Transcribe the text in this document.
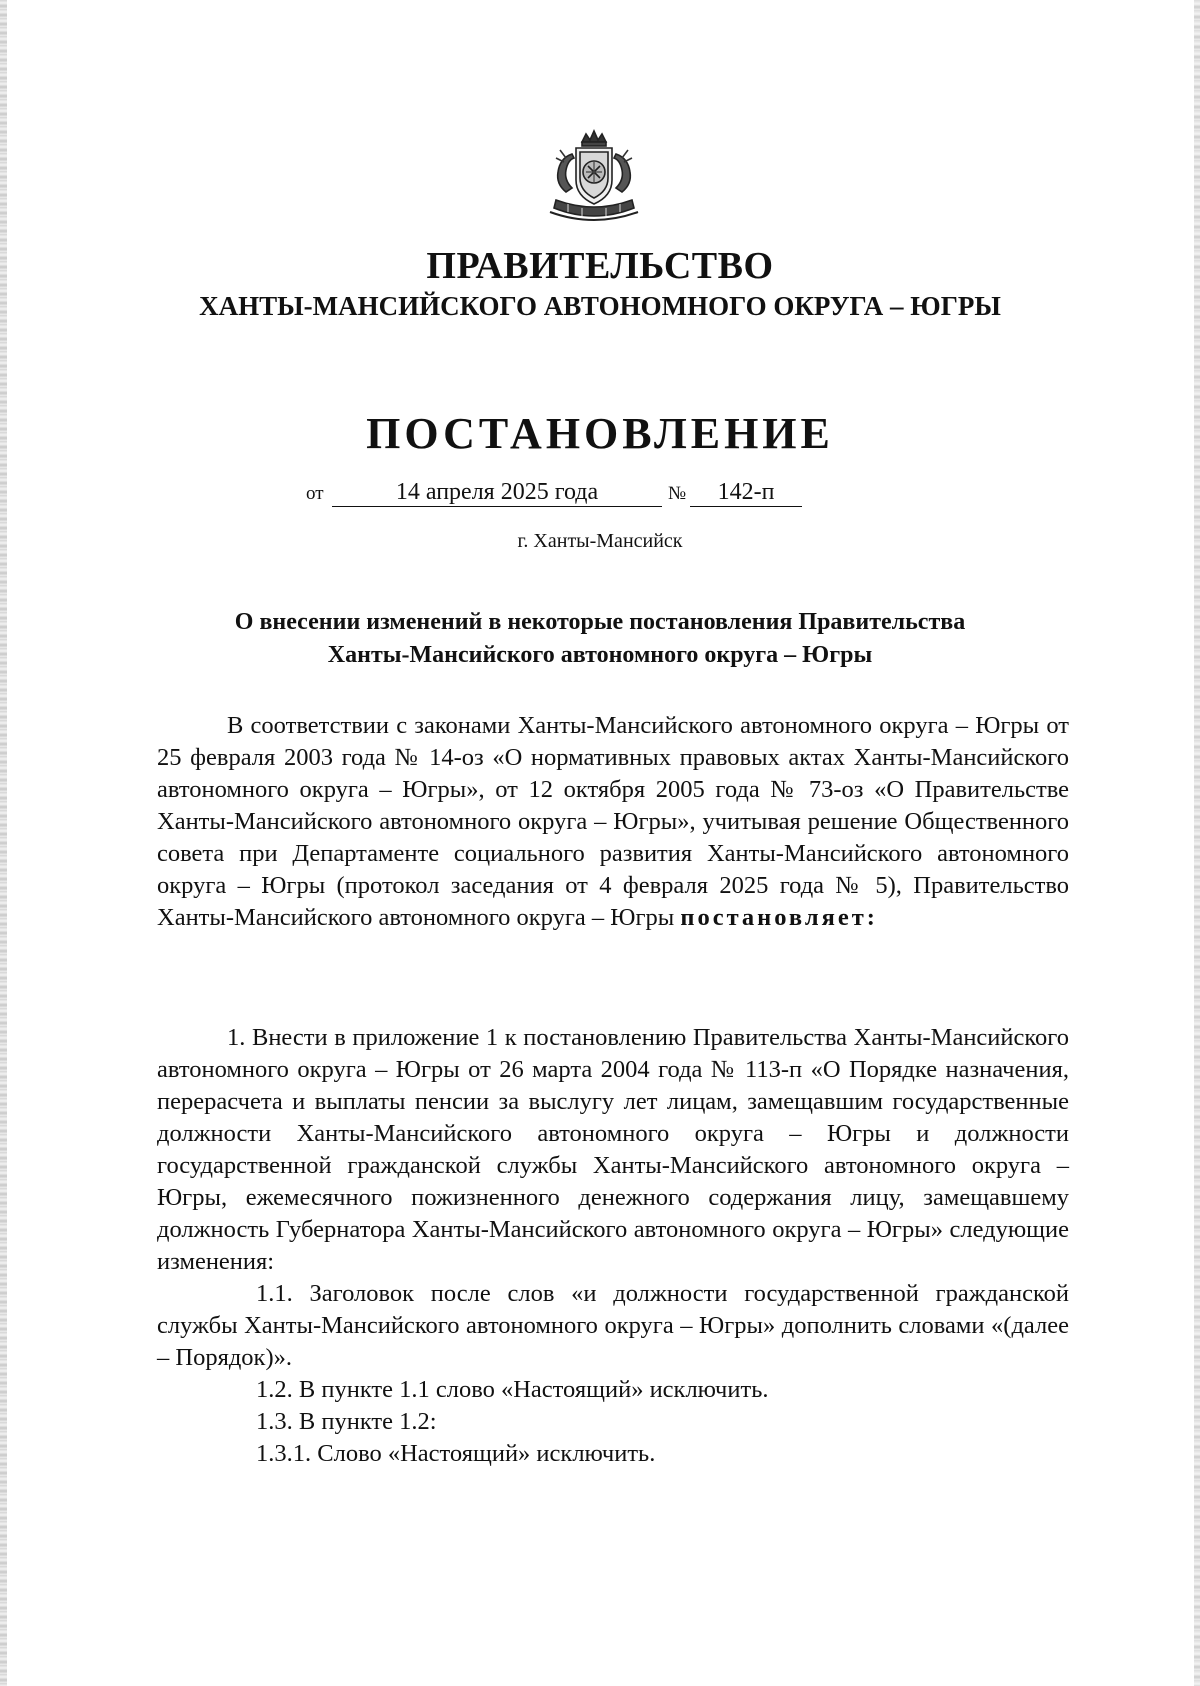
ПРАВИТЕЛЬСТВО
ХАНТЫ-МАНСИЙСКОГО АВТОНОМНОГО ОКРУГА – ЮГРЫ
ПОСТАНОВЛЕНИЕ
от	14 апреля 2025 года	№	142-п
г. Ханты-Мансийск
О внесении изменений в некоторые постановления Правительства
Ханты-Мансийского автономного округа – Югры

В соответствии с законами Ханты-Мансийского автономного округа – Югры от 25 февраля 2003 года № 14-оз «О нормативных правовых актах Ханты-Мансийского автономного округа – Югры», от 12 октября 2005 года № 73-оз «О Правительстве Ханты-Мансийского автономного округа – Югры», учитывая решение Общественного совета при Департаменте социального развития Ханты-Мансийского автономного округа – Югры (протокол заседания от 4 февраля 2025 года № 5), Правительство Ханты-Мансийского автономного округа – Югры постановляет:

1. Внести в приложение 1 к постановлению Правительства Ханты-Мансийского автономного округа – Югры от 26 марта 2004 года № 113-п «О Порядке назначения, перерасчета и выплаты пенсии за выслугу лет лицам, замещавшим государственные должности Ханты-Мансийского автономного округа – Югры и должности государственной гражданской службы Ханты-Мансийского автономного округа – Югры, ежемесячного пожизненного денежного содержания лицу, замещавшему должность Губернатора Ханты-Мансийского автономного округа – Югры» следующие изменения:

1.1. Заголовок после слов «и должности государственной гражданской службы Ханты-Мансийского автономного округа – Югры» дополнить словами «(далее – Порядок)».

1.2. В пункте 1.1 слово «Настоящий» исключить.

1.3. В пункте 1.2:

1.3.1. Слово «Настоящий» исключить.
